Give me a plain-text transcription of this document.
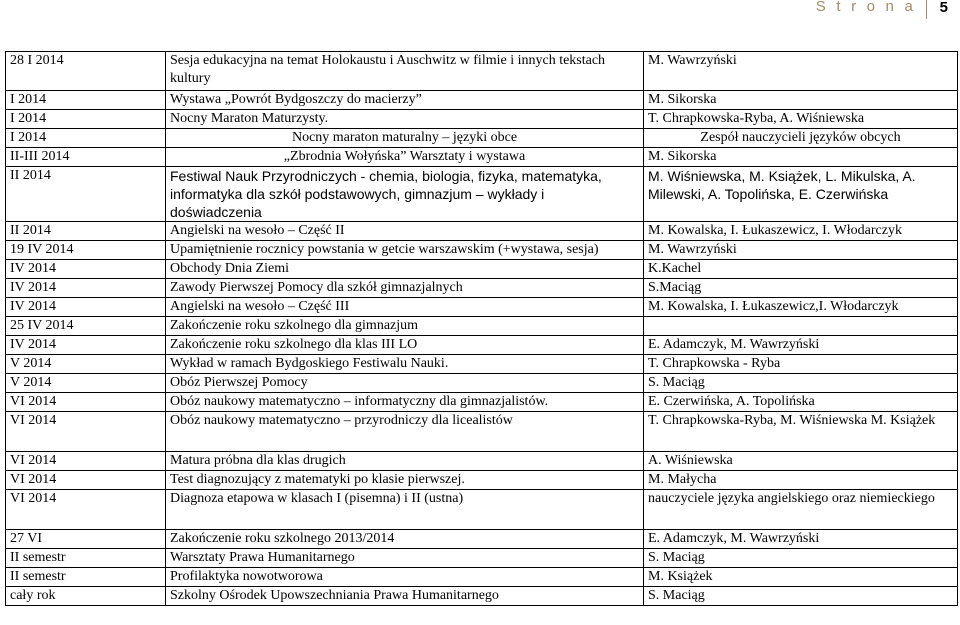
S t r o n a 5
28 I 2014	Sesja edukacyjna na temat Holokaustu i Auschwitz w filmie i innych tekstach kultury	M. Wawrzyński
I 2014	Wystawa „Powrót Bydgoszczy do macierzy”	M. Sikorska
I 2014	Nocny Maraton Maturzysty.	T. Chrapkowska-Ryba, A. Wiśniewska
I 2014	Nocny maraton maturalny – języki obce	Zespół nauczycieli języków obcych
II-III 2014	„Zbrodnia Wołyńska” Warsztaty i wystawa	M. Sikorska
II 2014	Festiwal Nauk Przyrodniczych - chemia, biologia, fizyka, matematyka, informatyka dla szkół podstawowych, gimnazjum – wykłady i doświadczenia	M. Wiśniewska, M. Książek, L. Mikulska, A. Milewski, A. Topolińska, E. Czerwińska
II 2014	Angielski na wesoło – Część II	M. Kowalska, I. Łukaszewicz, I. Włodarczyk
19 IV 2014	Upamiętnienie rocznicy powstania w getcie warszawskim (+wystawa, sesja)	M. Wawrzyński
IV 2014	Obchody Dnia Ziemi	K.Kachel
IV 2014	Zawody Pierwszej Pomocy dla szkół gimnazjalnych	S.Maciąg
IV 2014	Angielski na wesoło – Część III	M. Kowalska, I. Łukaszewicz,I. Włodarczyk
25 IV 2014	Zakończenie roku szkolnego dla gimnazjum	
IV 2014	Zakończenie roku szkolnego dla klas III LO	E. Adamczyk, M. Wawrzyński
V 2014	Wykład w ramach Bydgoskiego Festiwalu Nauki.	T. Chrapkowska - Ryba
V 2014	Obóz Pierwszej Pomocy	S. Maciąg
VI 2014	Obóz naukowy matematyczno – informatyczny dla gimnazjalistów.	E. Czerwińska, A. Topolińska
VI 2014	Obóz naukowy matematyczno – przyrodniczy dla licealistów	T. Chrapkowska-Ryba, M. Wiśniewska M. Książek
VI 2014	Matura próbna dla klas drugich	A. Wiśniewska
VI 2014	Test diagnozujący z matematyki po klasie pierwszej.	M. Małycha
VI 2014	Diagnoza etapowa w klasach I (pisemna) i II (ustna)	nauczyciele języka angielskiego oraz niemieckiego
27 VI	Zakończenie roku szkolnego 2013/2014	E. Adamczyk, M. Wawrzyński
II semestr	Warsztaty Prawa Humanitarnego	S. Maciąg
II semestr	Profilaktyka nowotworowa	M. Książek
cały rok	Szkolny Ośrodek Upowszechniania Prawa Humanitarnego	S. Maciąg
